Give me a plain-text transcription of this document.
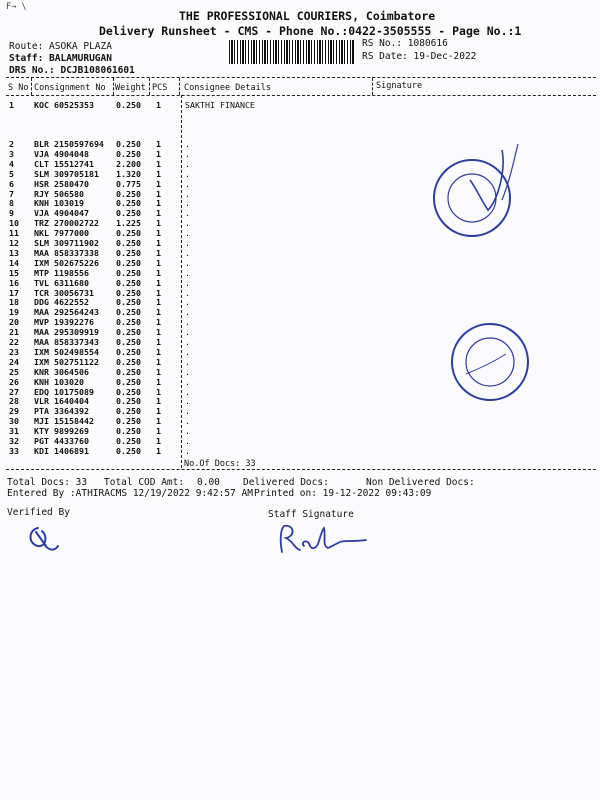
F→ \
THE PROFESSIONAL COURIERS, Coimbatore
Delivery Runsheet - CMS - Phone No.:0422-3505555 - Page No.:1
Route: ASOKA PLAZA
Staff: BALAMURUGAN
DRS No.: DCJB108061601
RS No.: 1080616
RS Date: 19-Dec-2022
S No Consignment No Weight PCS Consignee Details	Signature
1 KOC 60525353	0.250 1	SAKTHI FINANCE
2 BLR 2150597694 0.250 1	.
3 VJA 4904048	0.250 1	.
4 CLT 15512741	2.200 1	.
5 SLM 309705181 1.320 1	.
6 HSR 2580470	0.775 1	.
7 RJY 506580	0.250 1	.
8 KNH 103019	0.250 1	.
9 VJA 4904047	0.250 1	.
10 TRZ 270002722 1.225 1	.
11 NKL 7977000	0.250 1	.
12 SLM 309711902 0.250 1	.
13 MAA 858337338 0.250 1	.
14 IXM 502675226 0.250 1	.
15 MTP 1198556	0.250 1	.
16 TVL 6311680	0.250 1	.
17 TCR 30056731	0.250 1	.
18 DDG 4622552	0.250 1	.
19 MAA 292564243 0.250 1	.
20 MVP 19392276	0.250 1	.
21 MAA 295309919 0.250 1	.
22 MAA 858337343 0.250 1	.
23 IXM 502498554 0.250 1	.
24 IXM 502751122 0.250 1	.
25 KNR 3064506	0.250 1	.
26 KNH 103020	0.250 1	.
27 EDQ 10175089	0.250 1	.
28 VLR 1640404	0.250 1	.
29 PTA 3364392	0.250 1	.
30 MJI 15158442	0.250 1	.
31 KTY 9899269	0.250 1	.
32 PGT 4433760	0.250 1	.
33 KDI 1406891	0.250 1	.
No.Of Docs: 33
Total Docs: 33 Total COD Amt: 0.00 Delivered Docs:	Non Delivered Docs:
Entered By :ATHIRACMS 12/19/2022 9:42:57 AM Printed on: 19-12-2022 09:43:09
Verified By	Staff Signature
